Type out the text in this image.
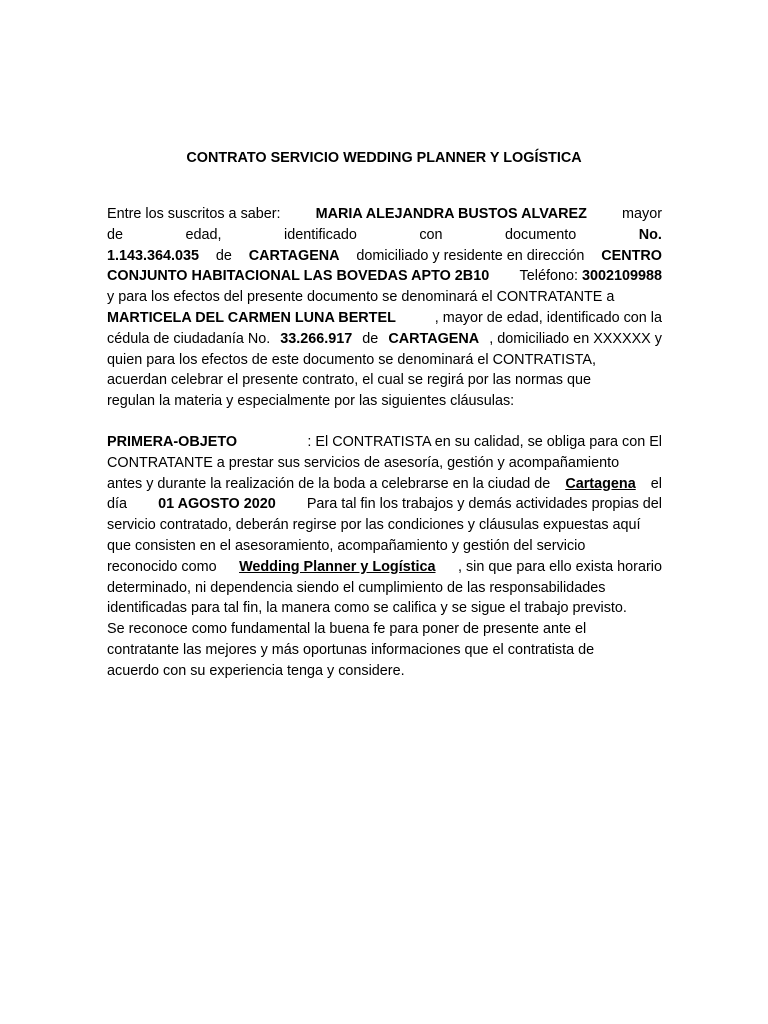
CONTRATO SERVICIO WEDDING PLANNER Y LOGÍSTICA
Entre los suscritos a saber: MARIA ALEJANDRA BUSTOS ALVAREZ mayor
de	edad,	identificado	con	documento	No.
1.143.364.035 de CARTAGENA domiciliado y residente en dirección CENTRO
CONJUNTO HABITACIONAL LAS BOVEDAS APTO 2B10 Teléfono: 3002109988
y para los efectos del presente documento se denominará el CONTRATANTE a
MARTICELA DEL CARMEN LUNA BERTEL	, mayor de edad, identificado con la
cédula de ciudadanía No. 33.266.917 de CARTAGENA , domiciliado en XXXXXX y
quien para los efectos de este documento se denominará el CONTRATISTA,
acuerdan celebrar el presente contrato, el cual se regirá por las normas que
regulan la materia y especialmente por las siguientes cláusulas:
PRIMERA-OBJETO	: El CONTRATISTA en su calidad, se obliga para con El
CONTRATANTE a prestar sus servicios de asesoría, gestión y acompañamiento
antes y durante la realización de la boda a celebrarse en la ciudad de Cartagena el
día 01 AGOSTO 2020 Para tal fin los trabajos y demás actividades propias del
servicio contratado, deberán regirse por las condiciones y cláusulas expuestas aquí
que consisten en el asesoramiento, acompañamiento y gestión del servicio
reconocido como Wedding Planner y Logística , sin que para ello exista horario
determinado, ni dependencia siendo el cumplimiento de las responsabilidades
identificadas para tal fin, la manera como se califica y se sigue el trabajo previsto.
Se reconoce como fundamental la buena fe para poner de presente ante el
contratante las mejores y más oportunas informaciones que el contratista de
acuerdo con su experiencia tenga y considere.
